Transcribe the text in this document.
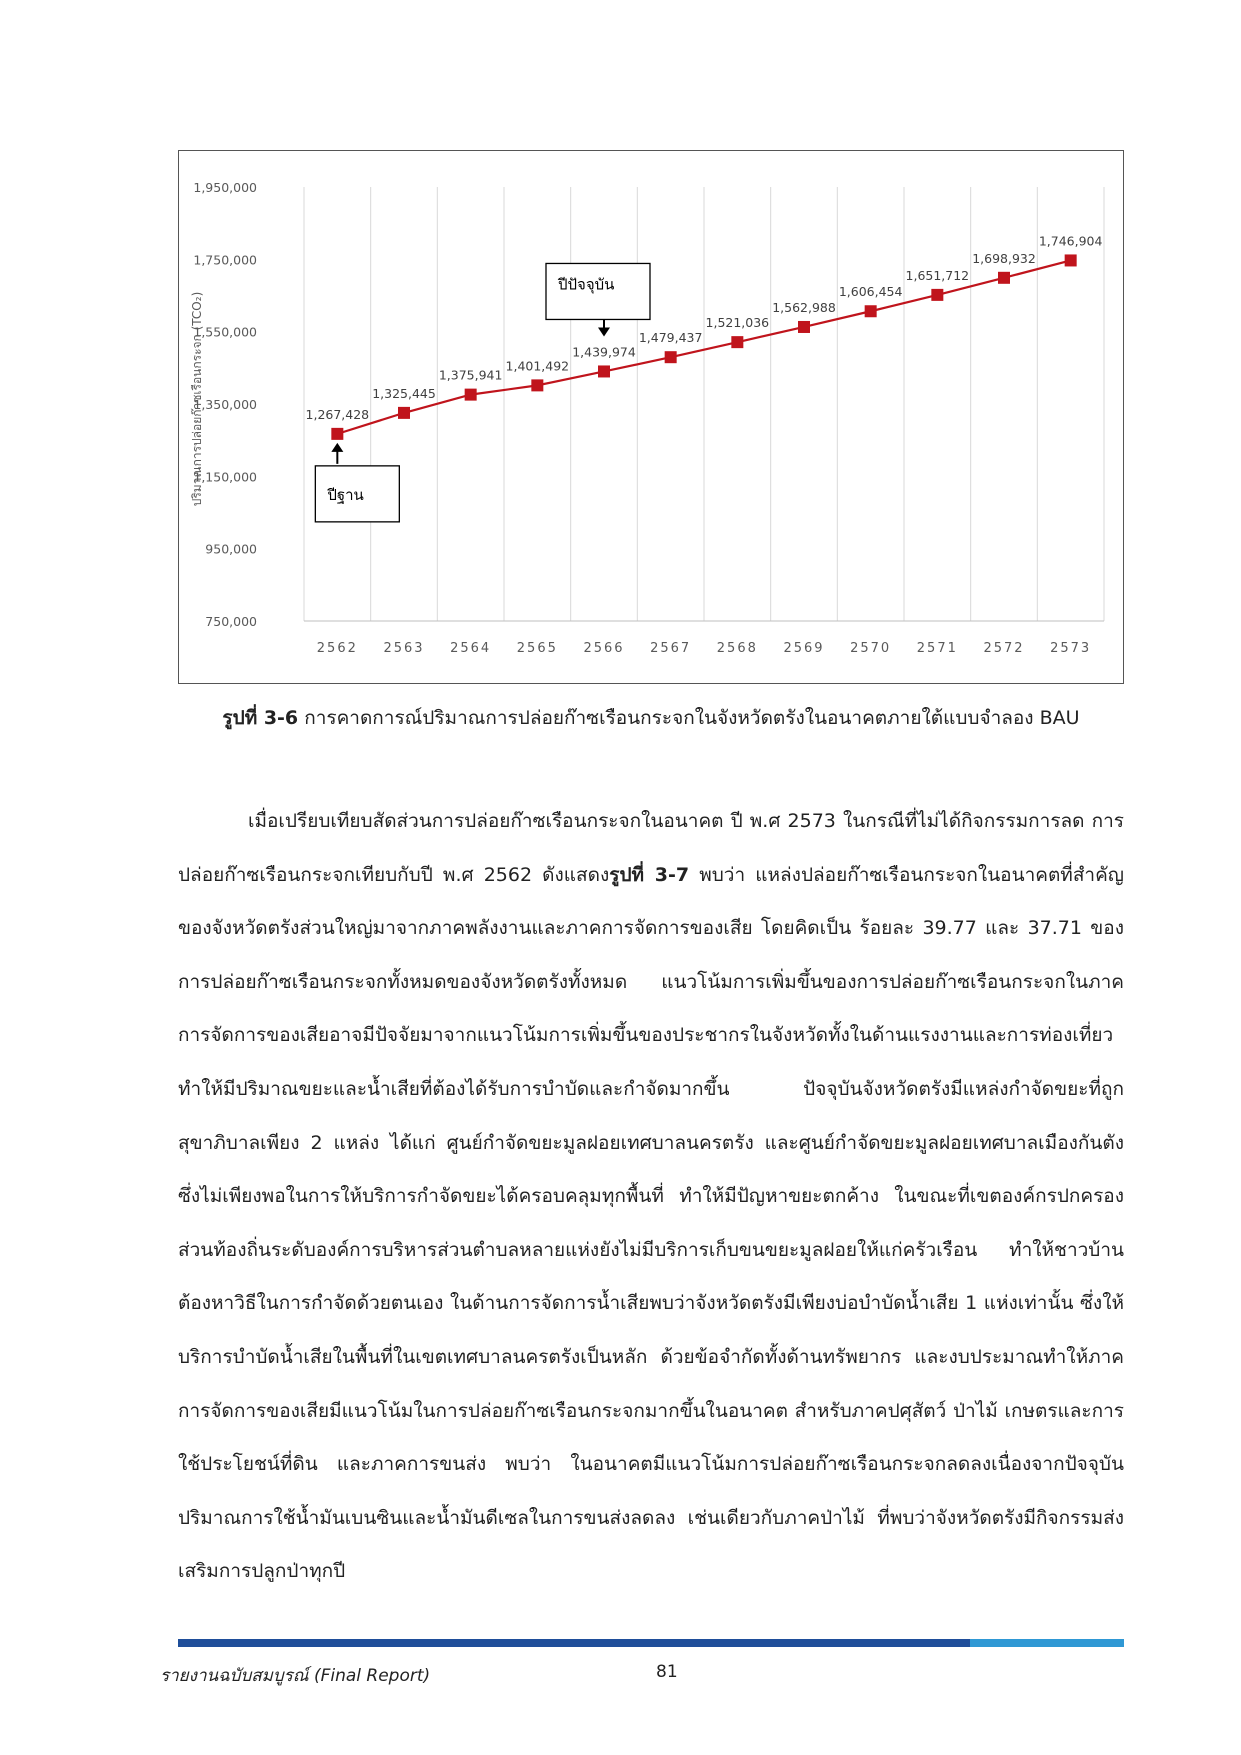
750,000
950,000
1,150,000
1,350,000
1,550,000
1,750,000
1,950,000
2562 2563 2564 2565 2566 2567 2568 2569 2570 2571 2572 2573
ปริมาณการปล่อยก๊าซเรือนกระจก (TCO₂)	1,267,428
1,325,445
1,375,941
1,401,492
1,439,974
1,479,437
1,521,036
1,562,988
1,606,454
1,651,712
1,698,932
1,746,904
ปีฐาน
ปีปัจจุบัน
รูปที่ 3-6 การคาดการณ์ปริมาณการปล่อยก๊าซเรือนกระจกในจังหวัดตรังในอนาคตภายใต้แบบจำลอง BAU

เมื่อเปรียบเทียบสัดส่วนการปล่อยก๊าซเรือนกระจกในอนาคต ปี พ.ศ 2573 ในกรณีที่ไม่ได้กิจกรรมการลด การปล่อยก๊าซเรือนกระจกเทียบกับปี พ.ศ 2562 ดังแสดงรูปที่ 3-7 พบว่า แหล่งปล่อยก๊าซเรือนกระจกในอนาคตที่สำคัญของจังหวัดตรังส่วนใหญ่มาจากภาคพลังงานและภาคการจัดการของเสีย โดยคิดเป็น ร้อยละ 39.77 และ 37.71 ของการปล่อยก๊าซเรือนกระจกทั้งหมดของจังหวัดตรังทั้งหมด แนวโน้มการเพิ่มขึ้นของการปล่อยก๊าซเรือนกระจกในภาคการจัดการของเสียอาจมีปัจจัยมาจากแนวโน้มการเพิ่มขึ้นของประชากรในจังหวัดทั้งในด้านแรงงานและการท่องเที่ยวทำให้มีปริมาณขยะและน้ำเสียที่ต้องได้รับการบำบัดและกำจัดมากขึ้น ปัจจุบันจังหวัดตรังมีแหล่งกำจัดขยะที่ถูกสุขาภิบาลเพียง 2 แหล่ง ได้แก่ ศูนย์กำจัดขยะมูลฝอยเทศบาลนครตรัง และศูนย์กำจัดขยะมูลฝอยเทศบาลเมืองกันตัง ซึ่งไม่เพียงพอในการให้บริการกำจัดขยะได้ครอบคลุมทุกพื้นที่ ทำให้มีปัญหาขยะตกค้าง ในขณะที่เขตองค์กรปกครองส่วนท้องถิ่นระดับองค์การบริหารส่วนตำบลหลายแห่งยังไม่มีบริการเก็บขนขยะมูลฝอยให้แก่ครัวเรือน ทำให้ชาวบ้านต้องหาวิธีในการกำจัดด้วยตนเอง ในด้านการจัดการน้ำเสียพบว่าจังหวัดตรังมีเพียงบ่อบำบัดน้ำเสีย 1 แห่งเท่านั้น ซึ่งให้บริการบำบัดน้ำเสียในพื้นที่ในเขตเทศบาลนครตรังเป็นหลัก ด้วยข้อจำกัดทั้งด้านทรัพยากร และงบประมาณทำให้ภาคการจัดการของเสียมีแนวโน้มในการปล่อยก๊าซเรือนกระจกมากขึ้นในอนาคต สำหรับภาคปศุสัตว์ ป่าไม้ เกษตรและการใช้ประโยชน์ที่ดิน และภาคการขนส่ง พบว่า ในอนาคตมีแนวโน้มการปล่อยก๊าซเรือนกระจกลดลงเนื่องจากปัจจุบันปริมาณการใช้น้ำมันเบนซินและน้ำมันดีเซลในการขนส่งลดลง เช่นเดียวกับภาคป่าไม้ ที่พบว่าจังหวัดตรังมีกิจกรรมส่งเสริมการปลูกป่าทุกปี

รายงานฉบับสมบูรณ์ (Final Report)	81
